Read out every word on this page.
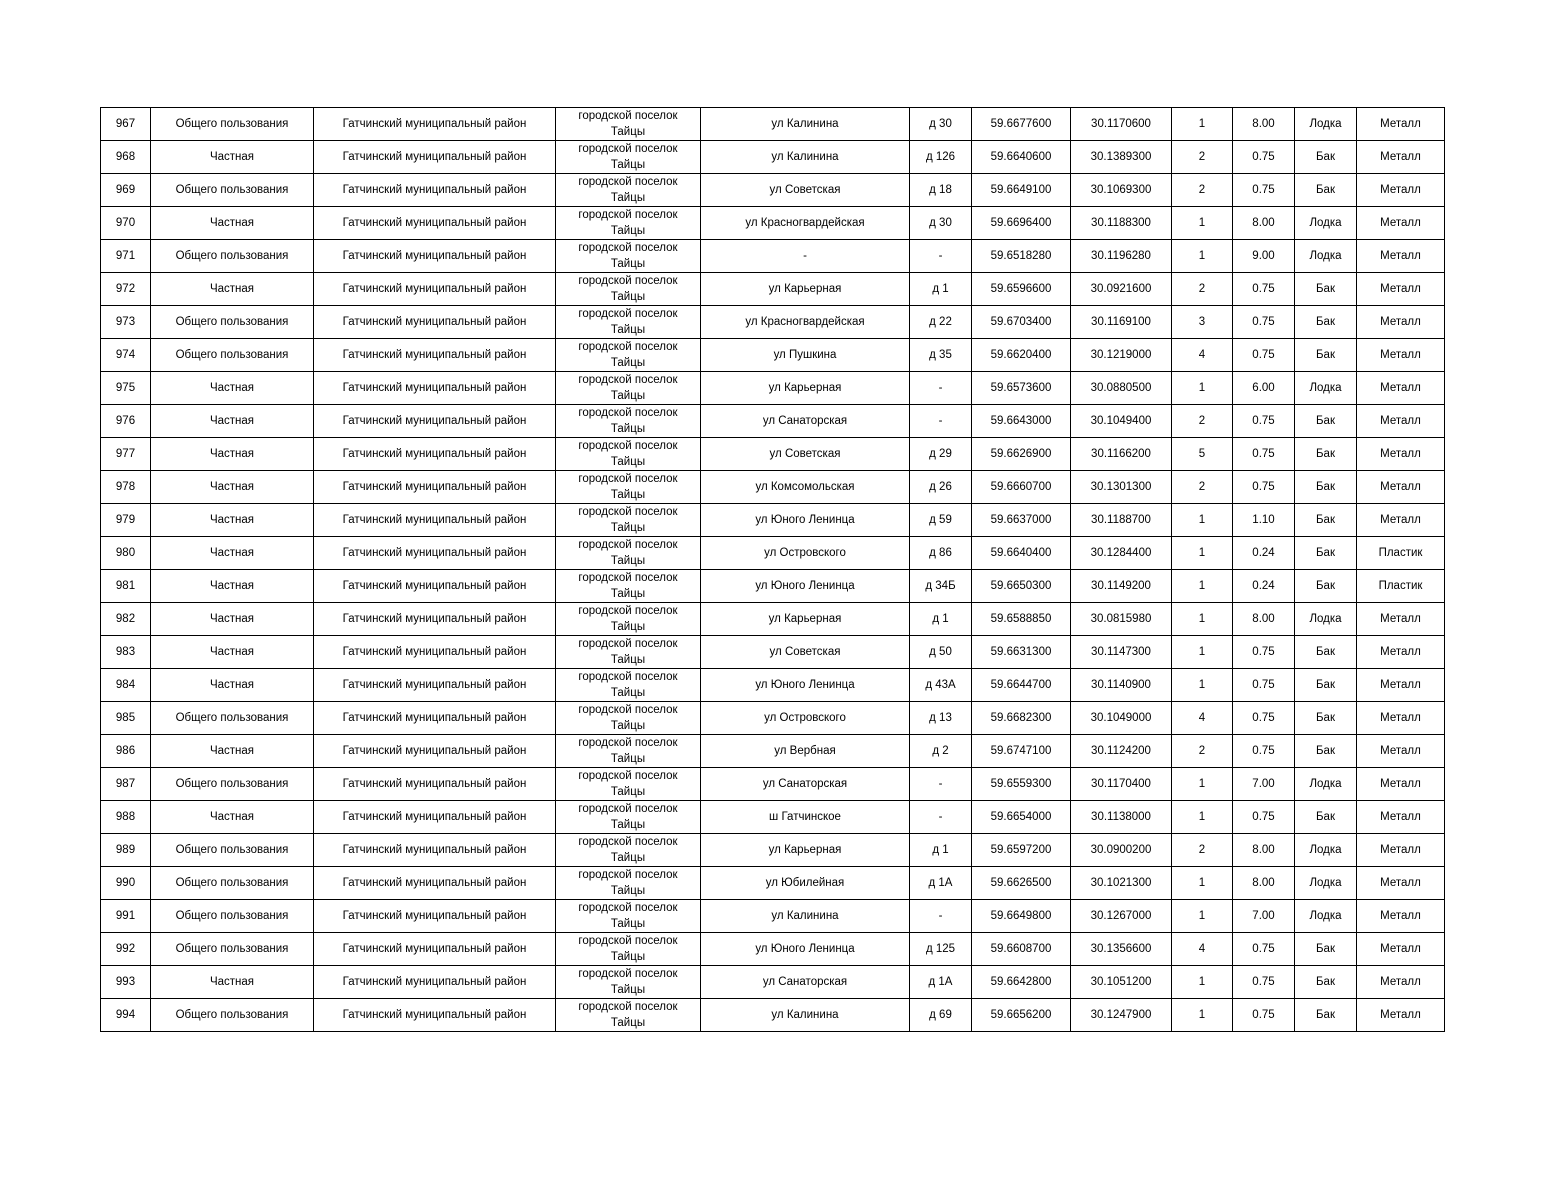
967	Общего пользования	Гатчинский муниципальный район	городской поселок
Тайцы	ул Калинина	д 30	59.6677600	30.1170600	1	8.00	Лодка	Металл
968	Частная	Гатчинский муниципальный район	городской поселок
Тайцы	ул Калинина	д 126	59.6640600	30.1389300	2	0.75	Бак	Металл
969	Общего пользования	Гатчинский муниципальный район	городской поселок
Тайцы	ул Советская	д 18	59.6649100	30.1069300	2	0.75	Бак	Металл
970	Частная	Гатчинский муниципальный район	городской поселок
Тайцы	ул Красногвардейская	д 30	59.6696400	30.1188300	1	8.00	Лодка	Металл
971	Общего пользования	Гатчинский муниципальный район	городской поселок
Тайцы	-	-	59.6518280	30.1196280	1	9.00	Лодка	Металл
972	Частная	Гатчинский муниципальный район	городской поселок
Тайцы	ул Карьерная	д 1	59.6596600	30.0921600	2	0.75	Бак	Металл
973	Общего пользования	Гатчинский муниципальный район	городской поселок
Тайцы	ул Красногвардейская	д 22	59.6703400	30.1169100	3	0.75	Бак	Металл
974	Общего пользования	Гатчинский муниципальный район	городской поселок
Тайцы	ул Пушкина	д 35	59.6620400	30.1219000	4	0.75	Бак	Металл
975	Частная	Гатчинский муниципальный район	городской поселок
Тайцы	ул Карьерная	-	59.6573600	30.0880500	1	6.00	Лодка	Металл
976	Частная	Гатчинский муниципальный район	городской поселок
Тайцы	ул Санаторская	-	59.6643000	30.1049400	2	0.75	Бак	Металл
977	Частная	Гатчинский муниципальный район	городской поселок
Тайцы	ул Советская	д 29	59.6626900	30.1166200	5	0.75	Бак	Металл
978	Частная	Гатчинский муниципальный район	городской поселок
Тайцы	ул Комсомольская	д 26	59.6660700	30.1301300	2	0.75	Бак	Металл
979	Частная	Гатчинский муниципальный район	городской поселок
Тайцы	ул Юного Ленинца	д 59	59.6637000	30.1188700	1	1.10	Бак	Металл
980	Частная	Гатчинский муниципальный район	городской поселок
Тайцы	ул Островского	д 86	59.6640400	30.1284400	1	0.24	Бак	Пластик
981	Частная	Гатчинский муниципальный район	городской поселок
Тайцы	ул Юного Ленинца	д 34Б	59.6650300	30.1149200	1	0.24	Бак	Пластик
982	Частная	Гатчинский муниципальный район	городской поселок
Тайцы	ул Карьерная	д 1	59.6588850	30.0815980	1	8.00	Лодка	Металл
983	Частная	Гатчинский муниципальный район	городской поселок
Тайцы	ул Советская	д 50	59.6631300	30.1147300	1	0.75	Бак	Металл
984	Частная	Гатчинский муниципальный район	городской поселок
Тайцы	ул Юного Ленинца	д 43А	59.6644700	30.1140900	1	0.75	Бак	Металл
985	Общего пользования	Гатчинский муниципальный район	городской поселок
Тайцы	ул Островского	д 13	59.6682300	30.1049000	4	0.75	Бак	Металл
986	Частная	Гатчинский муниципальный район	городской поселок
Тайцы	ул Вербная	д 2	59.6747100	30.1124200	2	0.75	Бак	Металл
987	Общего пользования	Гатчинский муниципальный район	городской поселок
Тайцы	ул Санаторская	-	59.6559300	30.1170400	1	7.00	Лодка	Металл
988	Частная	Гатчинский муниципальный район	городской поселок
Тайцы	ш Гатчинское	-	59.6654000	30.1138000	1	0.75	Бак	Металл
989	Общего пользования	Гатчинский муниципальный район	городской поселок
Тайцы	ул Карьерная	д 1	59.6597200	30.0900200	2	8.00	Лодка	Металл
990	Общего пользования	Гатчинский муниципальный район	городской поселок
Тайцы	ул Юбилейная	д 1А	59.6626500	30.1021300	1	8.00	Лодка	Металл
991	Общего пользования	Гатчинский муниципальный район	городской поселок
Тайцы	ул Калинина	-	59.6649800	30.1267000	1	7.00	Лодка	Металл
992	Общего пользования	Гатчинский муниципальный район	городской поселок
Тайцы	ул Юного Ленинца	д 125	59.6608700	30.1356600	4	0.75	Бак	Металл
993	Частная	Гатчинский муниципальный район	городской поселок
Тайцы	ул Санаторская	д 1А	59.6642800	30.1051200	1	0.75	Бак	Металл
994	Общего пользования	Гатчинский муниципальный район	городской поселок
Тайцы	ул Калинина	д 69	59.6656200	30.1247900	1	0.75	Бак	Металл
